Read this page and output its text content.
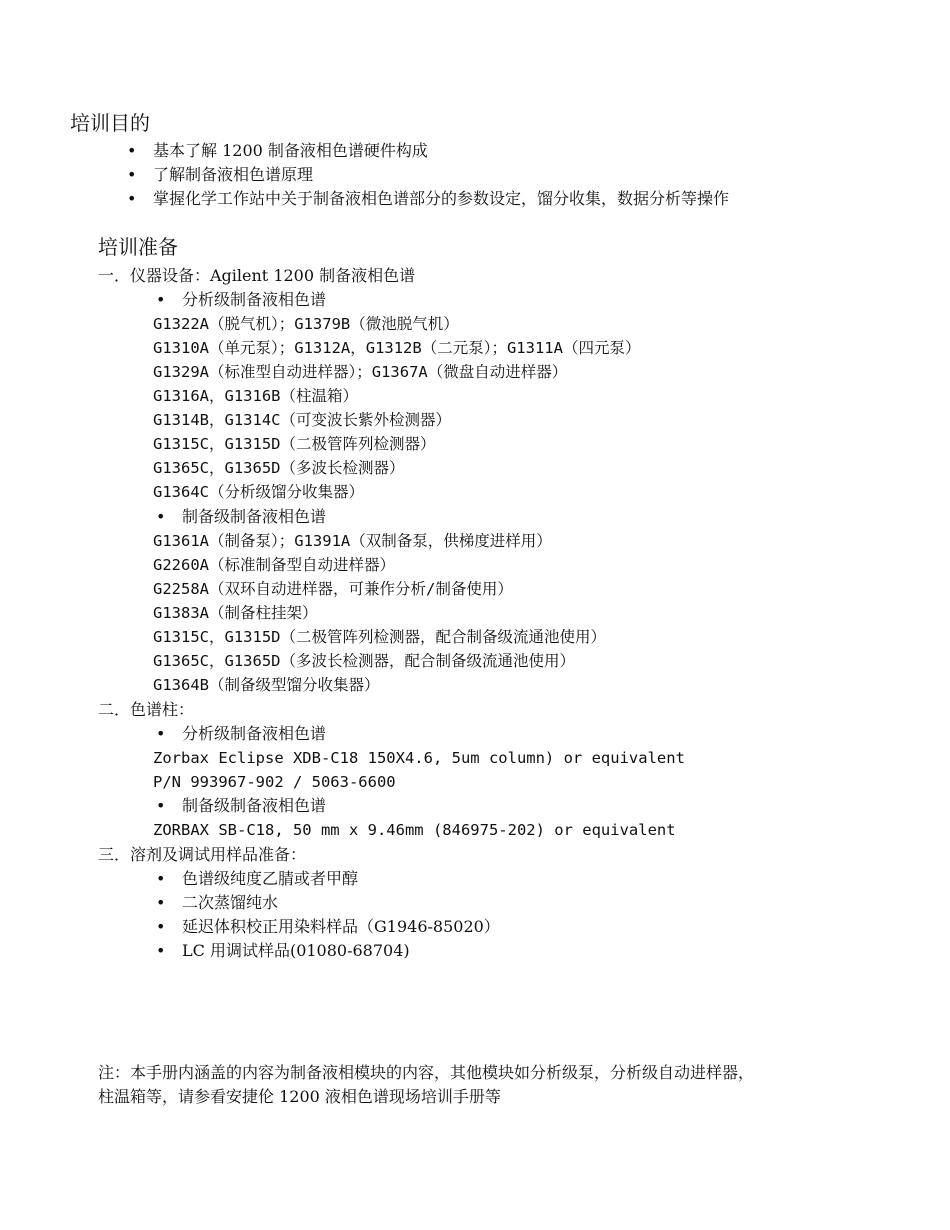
培训目的
• 基本了解 1200 制备液相色谱硬件构成
• 了解制备液相色谱原理
• 掌握化学工作站中关于制备液相色谱部分的参数设定，馏分收集，数据分析等操作
培训准备
一．仪器设备：Agilent 1200 制备液相色谱
• 分析级制备液相色谱
G1322A（脱气机）；G1379B（微池脱气机）
G1310A（单元泵）；G1312A，G1312B（二元泵）；G1311A（四元泵）
G1329A（标准型自动进样器）；G1367A（微盘自动进样器）
G1316A，G1316B（柱温箱）
G1314B，G1314C（可变波长紫外检测器）
G1315C，G1315D（二极管阵列检测器）
G1365C，G1365D（多波长检测器）
G1364C（分析级馏分收集器）
• 制备级制备液相色谱
G1361A（制备泵）；G1391A（双制备泵，供梯度进样用）
G2260A（标准制备型自动进样器）
G2258A（双环自动进样器，可兼作分析/制备使用）
G1383A（制备柱挂架）
G1315C，G1315D（二极管阵列检测器，配合制备级流通池使用）
G1365C，G1365D（多波长检测器，配合制备级流通池使用）
G1364B（制备级型馏分收集器）
二．色谱柱：
• 分析级制备液相色谱
Zorbax Eclipse XDB-C18 150X4.6, 5um column) or equivalent
P/N 993967-902 / 5063-6600
• 制备级制备液相色谱
ZORBAX SB-C18, 50 mm x 9.46mm (846975-202) or equivalent
三．溶剂及调试用样品准备：
• 色谱级纯度乙腈或者甲醇
• 二次蒸馏纯水
• 延迟体积校正用染料样品（G1946-85020）
• LC 用调试样品(01080-68704)
注：本手册内涵盖的内容为制备液相模块的内容，其他模块如分析级泵，分析级自动进样器，
柱温箱等，请参看安捷伦 1200 液相色谱现场培训手册等
